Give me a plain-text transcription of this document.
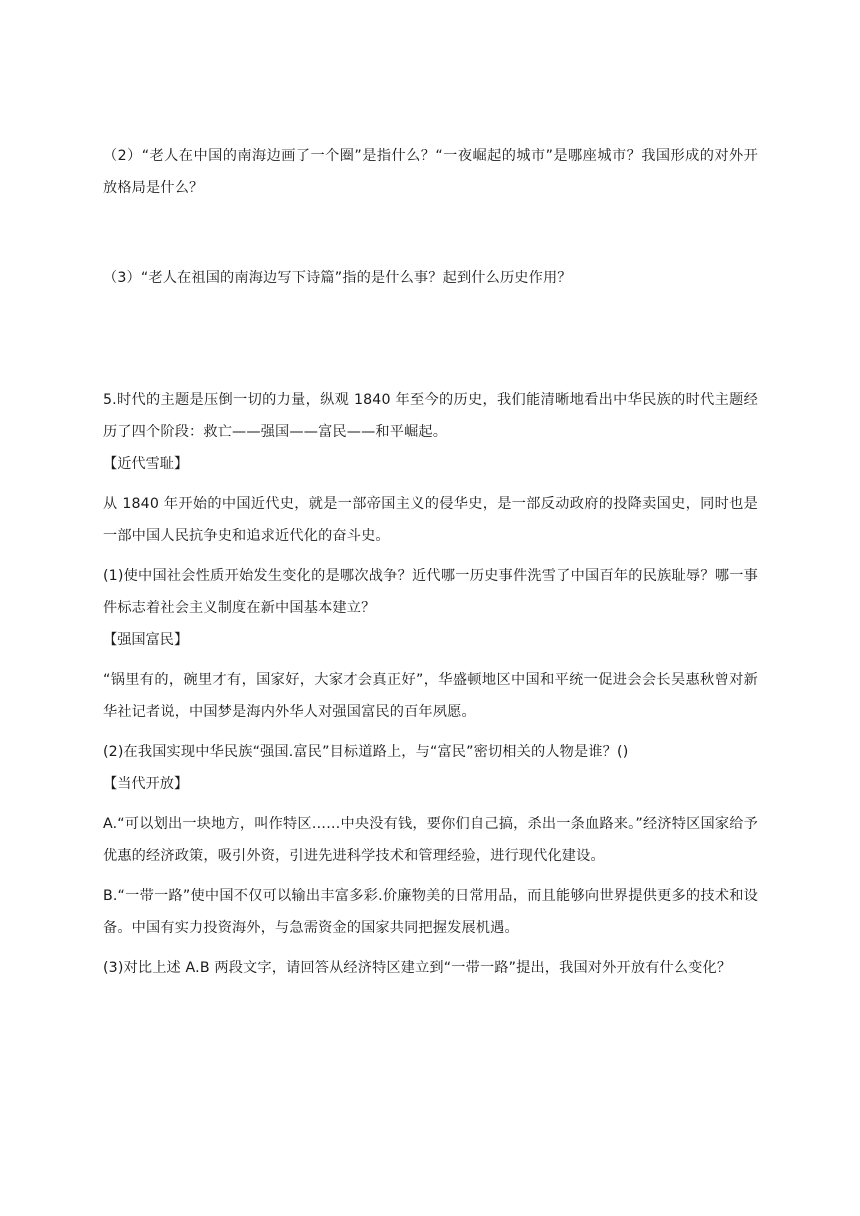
（2）“老人在中国的南海边画了一个圈”是指什么？“一夜崛起的城市”是哪座城市？我国形成的对外开放格局是什么？

（3）“老人在祖国的南海边写下诗篇”指的是什么事？起到什么历史作用？

5.时代的主题是压倒一切的力量，纵观 1840 年至今的历史，我们能清晰地看出中华民族的时代主题经历了四个阶段：救亡——强国——富民——和平崛起。

【近代雪耻】

从 1840 年开始的中国近代史，就是一部帝国主义的侵华史，是一部反动政府的投降卖国史，同时也是一部中国人民抗争史和追求近代化的奋斗史。

(1)使中国社会性质开始发生变化的是哪次战争？近代哪一历史事件洗雪了中国百年的民族耻辱？哪一事件标志着社会主义制度在新中国基本建立？

【强国富民】

“锅里有的，碗里才有，国家好，大家才会真正好”，华盛顿地区中国和平统一促进会会长吴惠秋曾对新华社记者说，中国梦是海内外华人对强国富民的百年夙愿。

(2)在我国实现中华民族“强国.富民”目标道路上，与“富民”密切相关的人物是谁？()

【当代开放】

A.“可以划出一块地方，叫作特区……中央没有钱，要你们自己搞，杀出一条血路来。”经济特区国家给予优惠的经济政策，吸引外资，引进先进科学技术和管理经验，进行现代化建设。

B.“一带一路”使中国不仅可以输出丰富多彩.价廉物美的日常用品，而且能够向世界提供更多的技术和设备。中国有实力投资海外，与急需资金的国家共同把握发展机遇。

(3)对比上述 A.B 两段文字，请回答从经济特区建立到“一带一路”提出，我国对外开放有什么变化？
